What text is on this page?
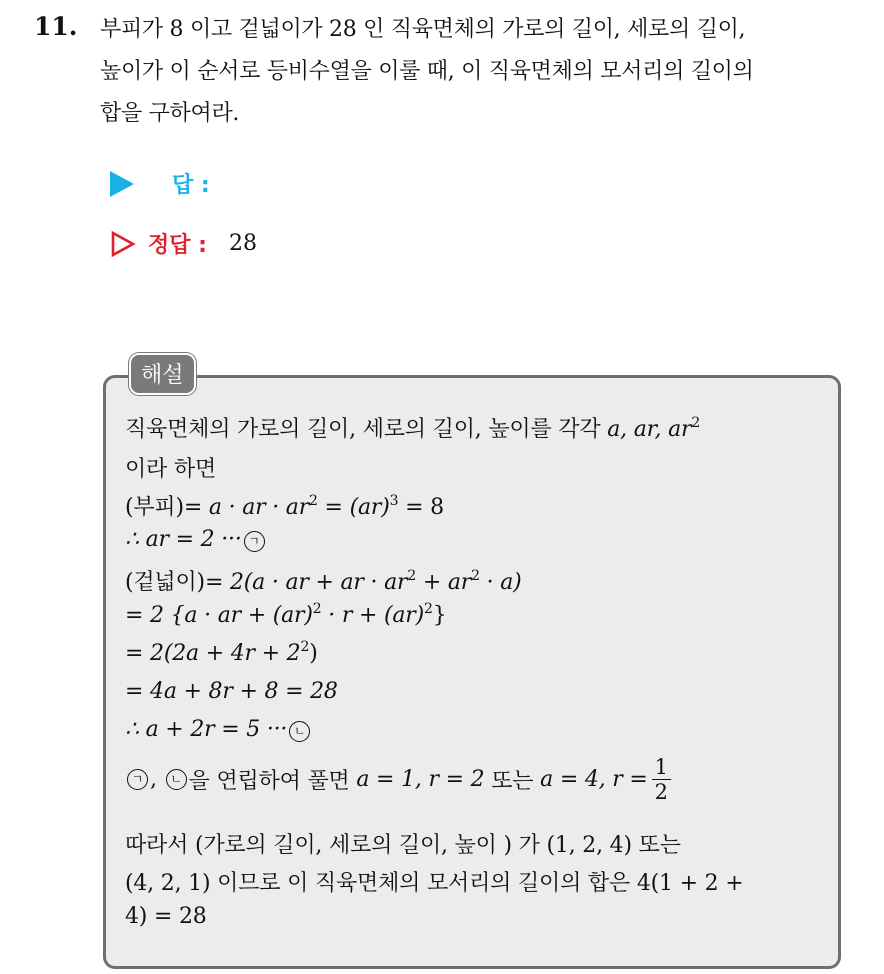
11. 부피가 8 이고 겉넓이가 28 인 직육면체의 가로의 길이, 세로의 길이,
높이가 이 순서로 등비수열을 이룰 때, 이 직육면체의 모서리의 길이의
합을 구하여라.
답 :
정답 : 28
해설
직육면체의 가로의 길이, 세로의 길이, 높이를 각각 a, ar, $ar^2$
이라 하면
(부피)= a · ar · $ar^2 = (ar)^3 = 8$
∴ ar = 2 ··· ㄱ
(겉넓이)= 2(a · ar + ar · $ar^2 + ar^2 \cdot a$)
= 2 {a · ar + (ar)$^2$ · r + (ar)$^2$}
= $2(2a + 4r + 2^2)$
= 4a + 8r + 8 = 28
∴ a + 2r = 5 ··· ㄴ
ㄱ , ㄴ 을 연립하여 풀면
a = 1, r = 2
또는
a = 4, $r = \frac{1}{2}$
따라서 (가로의 길이, 세로의 길이, 높이 ) 가 (1, 2, 4) 또는
(4, 2, 1) 이므로 이 직육면체의 모서리의 길이의 합은 4(1 + 2 +
4) = 28
